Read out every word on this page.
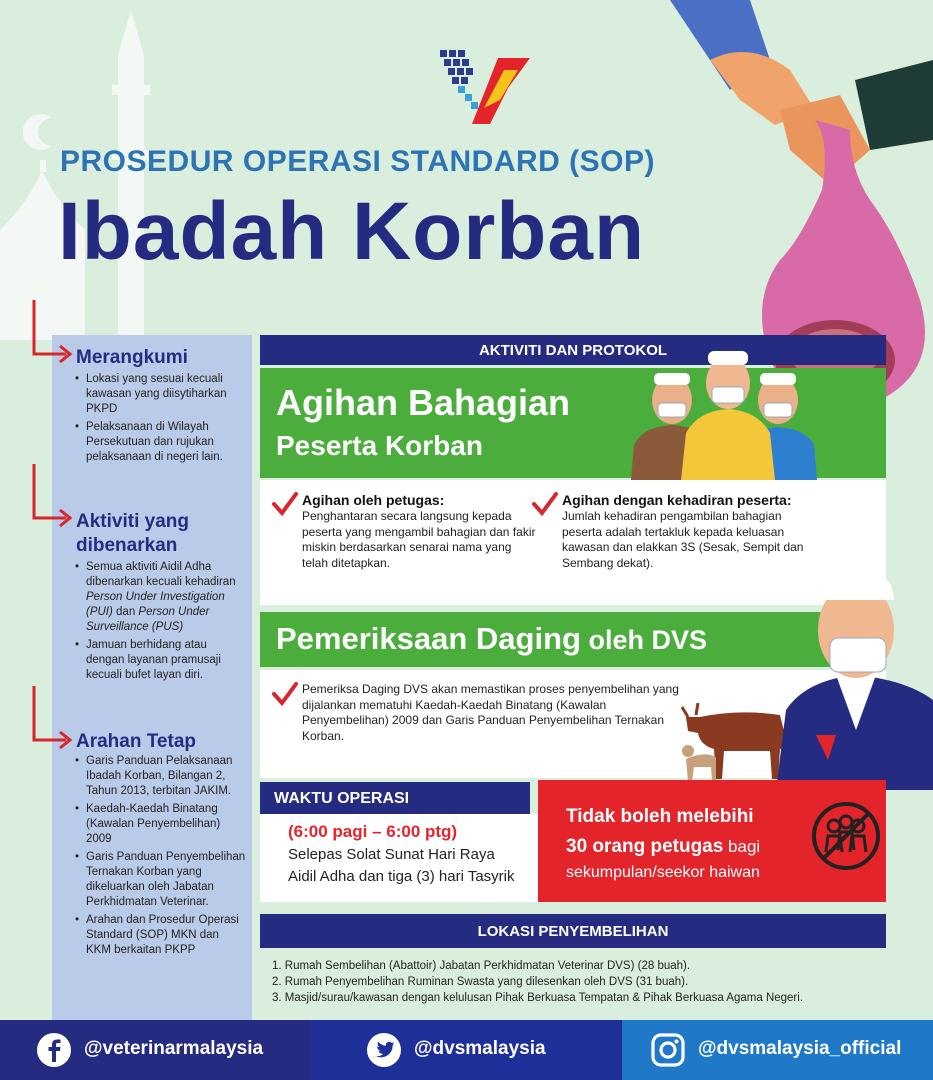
PROSEDUR OPERASI STANDARD (SOP)
Ibadah Korban
Merangkumi
• Lokasi yang sesuai kecuali kawasan yang diisytiharkan PKPD
• Pelaksanaan di Wilayah Persekutuan dan rujukan pelaksanaan di negeri lain.
Aktiviti yang
dibenarkan
• Semua aktiviti Aidil Adha dibenarkan kecuali kehadiran Person Under Investigation (PUI) dan Person Under Surveillance (PUS)
• Jamuan berhidang atau dengan layanan pramusaji kecuali bufet layan diri.
Arahan Tetap
• Garis Panduan Pelaksanaan Ibadah Korban, Bilangan 2, Tahun 2013, terbitan JAKIM.
• Kaedah-Kaedah Binatang (Kawalan Penyembelihan) 2009
• Garis Panduan Penyembelihan Ternakan Korban yang dikeluarkan oleh Jabatan Perkhidmatan Veterinar.
• Arahan dan Prosedur Operasi Standard (SOP) MKN dan KKM berkaitan PKPP
AKTIVITI DAN PROTOKOL
Agihan Bahagian
Peserta Korban
Agihan oleh petugas:
Penghantaran secara langsung kepada peserta yang mengambil bahagian dan fakir miskin berdasarkan senarai nama yang telah ditetapkan.
Agihan dengan kehadiran peserta:
Jumlah kehadiran pengambilan bahagian peserta adalah tertakluk kepada keluasan kawasan dan elakkan 3S (Sesak, Sempit dan Sembang dekat).
Pemeriksaan Daging oleh DVS
Pemeriksa Daging DVS akan memastikan proses penyembelihan yang dijalankan mematuhi Kaedah-Kaedah Binatang (Kawalan Penyembelihan) 2009 dan Garis Panduan Penyembelihan Ternakan Korban.
WAKTU OPERASI
(6:00 pagi – 6:00 ptg)
Selepas Solat Sunat Hari Raya
Aidil Adha dan tiga (3) hari Tasyrik
Tidak boleh melebihi
30 orang petugas bagi
sekumpulan/seekor haiwan
LOKASI PENYEMBELIHAN
1. Rumah Sembelihan (Abattoir) Jabatan Perkhidmatan Veterinar DVS) (28 buah).
2. Rumah Penyembelihan Ruminan Swasta yang dilesenkan oleh DVS (31 buah).
3. Masjid/surau/kawasan dengan kelulusan Pihak Berkuasa Tempatan & Pihak Berkuasa Agama Negeri.
@veterinarmalaysia	@dvsmalaysia	@dvsmalaysia_official
